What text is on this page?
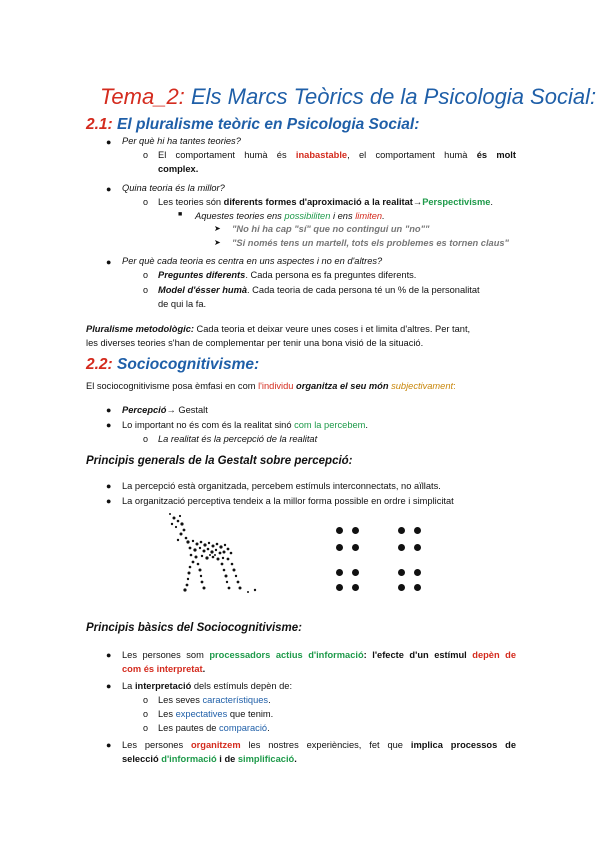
Tema_2: Els Marcs Teòrics de la Psicologia Social:
2.1: El pluralisme teòric en Psicologia Social:
● Per què hi ha tantes teories?
o El comportament humà és inabastable, el comportament humà és molt
complex.
● Quina teoria és la millor?
o Les teories són diferents formes d'aproximació a la realitat→Perspectivisme.
■ Aquestes teories ens possibiliten i ens limiten.
➤ "No hi ha cap "sí" que no contingui un "no""
➤ "Si només tens un martell, tots els problemes es tornen claus"
● Per què cada teoria es centra en uns aspectes i no en d'altres?
o Preguntes diferents. Cada persona es fa preguntes diferents.
o Model d'ésser humà. Cada teoria de cada persona té un % de la personalitat
de qui la fa.
Pluralisme metodològic: Cada teoria et deixar veure unes coses i et limita d'altres. Per tant,
les diverses teories s'han de complementar per tenir una bona visió de la situació.
2.2: Sociocognitivisme:
El sociocognitivisme posa èmfasi en com l'individu organitza el seu món subjectivament:
● Percepció→ Gestalt
● Lo important no és com és la realitat sinó com la percebem.
o La realitat és la percepció de la realitat
Principis generals de la Gestalt sobre percepció:
● La percepció està organitzada, percebem estímuls interconnectats, no aïllats.
● La organització perceptiva tendeix a la millor forma possible en ordre i simplicitat
Principis bàsics del Sociocognitivisme:
● Les persones som processadors actius d'informació: l'efecte d'un estímul depèn de
com és interpretat.
● La interpretació dels estímuls depèn de:
o Les seves característiques.
o Les expectatives que tenim.
o Les pautes de comparació.
● Les persones organitzem les nostres experiències, fet que implica processos de
selecció d'informació i de simplificació.
